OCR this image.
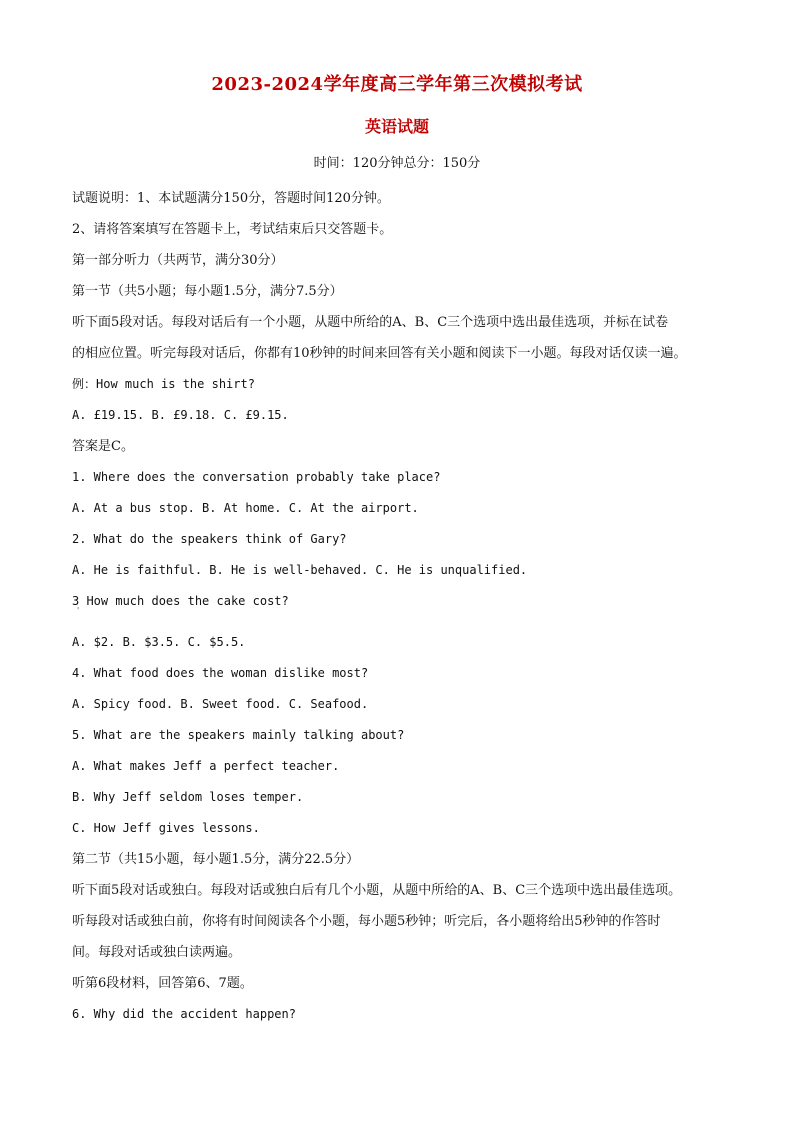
2023-2024学年度高三学年第三次模拟考试
英语试题
时间：120分钟总分：150分
试题说明：1、本试题满分150分，答题时间120分钟。
2、请将答案填写在答题卡上，考试结束后只交答题卡。
第一部分听力（共两节，满分30分）
第一节（共5小题；每小题1.5分，满分7.5分）
听下面5段对话。每段对话后有一个小题，从题中所给的A、B、C三个选项中选出最佳选项，并标在试卷
的相应位置。听完每段对话后，你都有10秒钟的时间来回答有关小题和阅读下一小题。每段对话仅读一遍。
例：How much is the shirt?
A. £19.15. B. £9.18. C. £9.15.
答案是C。
1. Where does the conversation probably take place?
A. At a bus stop. B. At home. C. At the airport.
2. What do the speakers think of Gary?
A. He is faithful. B. He is well-behaved. C. He is unqualified.
3 How much does the cake cost?
A. $2. B. $3.5. C. $5.5.
4. What food does the woman dislike most?
A. Spicy food. B. Sweet food. C. Seafood.
5. What are the speakers mainly talking about?
A. What makes Jeff a perfect teacher.
B. Why Jeff seldom loses temper.
C. How Jeff gives lessons.
第二节（共15小题，每小题1.5分，满分22.5分）
听下面5段对话或独白。每段对话或独白后有几个小题，从题中所给的A、B、C三个选项中选出最佳选项。
听每段对话或独白前，你将有时间阅读各个小题，每小题5秒钟；听完后，各小题将给出5秒钟的作答时
间。每段对话或独白读两遍。
听第6段材料，回答第6、7题。
6. Why did the accident happen?
'
